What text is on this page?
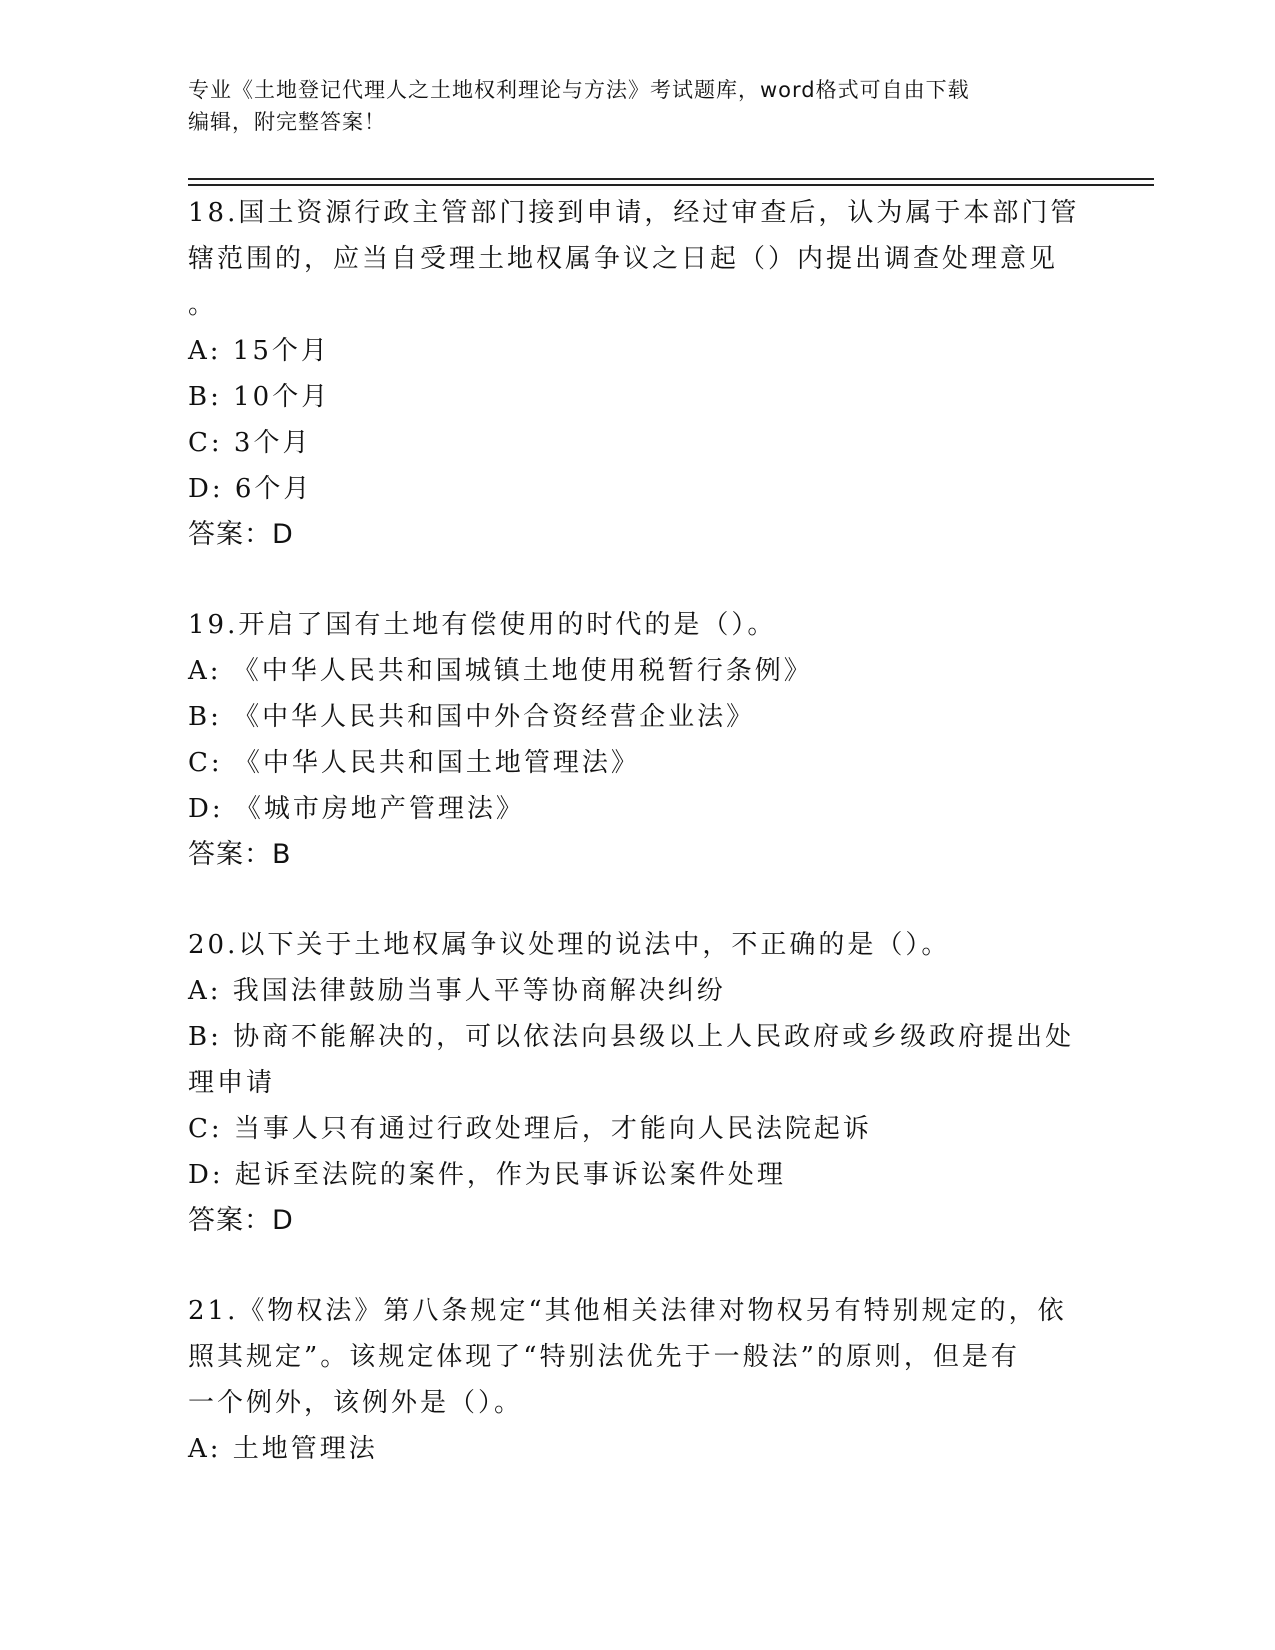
专业《土地登记代理人之土地权利理论与方法》考试题库，word格式可自由下载
编辑，附完整答案！
18.国土资源行政主管部门接到申请，经过审查后，认为属于本部门管
辖范围的，应当自受理土地权属争议之日起（）内提出调查处理意见
。
A: 15个月
B: 10个月
C: 3个月
D: 6个月
答案：D
19.开启了国有土地有偿使用的时代的是（）。
A: 《中华人民共和国城镇土地使用税暂行条例》
B: 《中华人民共和国中外合资经营企业法》
C: 《中华人民共和国土地管理法》
D: 《城市房地产管理法》
答案：B
20.以下关于土地权属争议处理的说法中，不正确的是（）。
A: 我国法律鼓励当事人平等协商解决纠纷
B: 协商不能解决的，可以依法向县级以上人民政府或乡级政府提出处
理申请
C: 当事人只有通过行政处理后，才能向人民法院起诉
D: 起诉至法院的案件，作为民事诉讼案件处理
答案：D
21.《物权法》第八条规定“其他相关法律对物权另有特别规定的，依
照其规定”。该规定体现了“特别法优先于一般法”的原则，但是有
一个例外，该例外是（）。
A: 土地管理法
